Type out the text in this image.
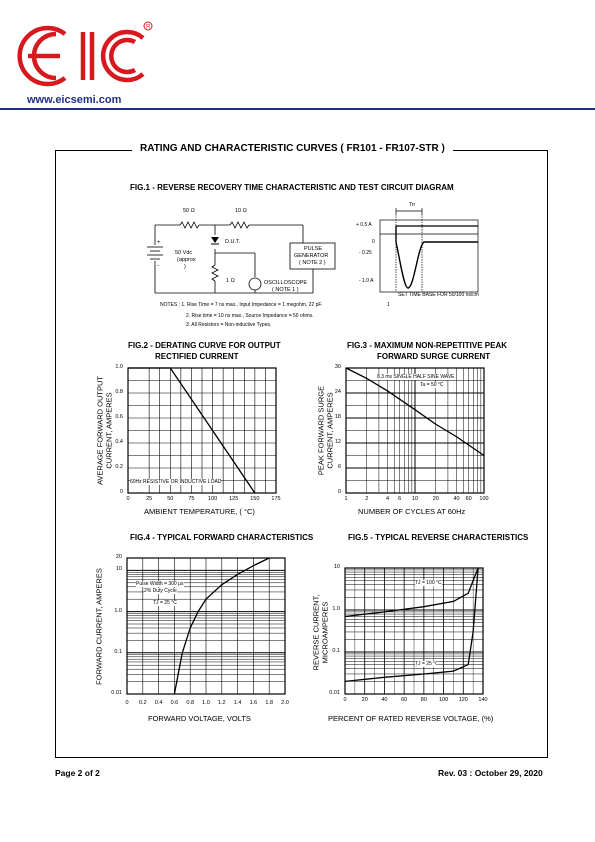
R
www.eicsemi.com
RATING AND CHARACTERISTIC CURVES ( FR101 - FR107-STR )
FIG.1 - REVERSE RECOVERY TIME CHARACTERISTIC AND TEST CIRCUIT DIAGRAM
+
-
50 Ω	10 Ω
D.U.T.
1 Ω
50 Vdc
(approx
)
PULSE
GENERATOR
( NOTE 2 )
OSCILLOSCOPE
( NOTE 1 )
Trr
+ 0.5 A
0
- 0.25
- 1.0 A
SET TIME BASE FOR 50/100 ns/cm
1
NOTES : 1. Rise Time = 7 ns max., Input Impedance = 1 megohm, 22 pF.
2. Rise time = 10 ns max., Source Impedance = 50 ohms.
3. All Resistors = Non-inductive Types.
FIG.2 - DERATING CURVE FOR OUTPUT
RECTIFIED CURRENT
AVERAGE FORWARD OUTPUT CURRENT, AMPERES
AMBIENT TEMPERATURE, ( °C)
60Hz RESISTIVE OR INDUCTIVE LOAD
FIG.3 - MAXIMUM NON-REPETITIVE PEAK
FORWARD SURGE CURRENT
PEAK FORWARD SURGE CURRENT, AMPERES
NUMBER OF CYCLES AT 60Hz
8.3 ms SINGLE HALF SINE WAVE
Ta = 50 °C
FIG.4 - TYPICAL FORWARD CHARACTERISTICS
FORWARD CURRENT, AMPERES
FORWARD VOLTAGE, VOLTS
Pulse Width = 300 μs
2% Duty Cycle
TJ = 25 °C
FIG.5 - TYPICAL REVERSE CHARACTERISTICS
REVERSE CURRENT, MICROAMPERES
PERCENT OF RATED REVERSE VOLTAGE, (%)
TJ = 100 °C
TJ = 25 °C
Page 2 of 2	Rev. 03 : October 29, 2020
0	25	50	75	100	125	150	175
1.0
0.8
0.6
0.4
0.2
0
1	2	4	6	10	20	40	60	100
30
24
18
12
6
0
0	0.2	0.4	0.6	0.8	1.0	1.2	1.4	1.6	1.8	2.0
20
10
1.0
0.1
0.01
0	20	40	60	80	100	120	140
10
1.0
0.1
0.01
